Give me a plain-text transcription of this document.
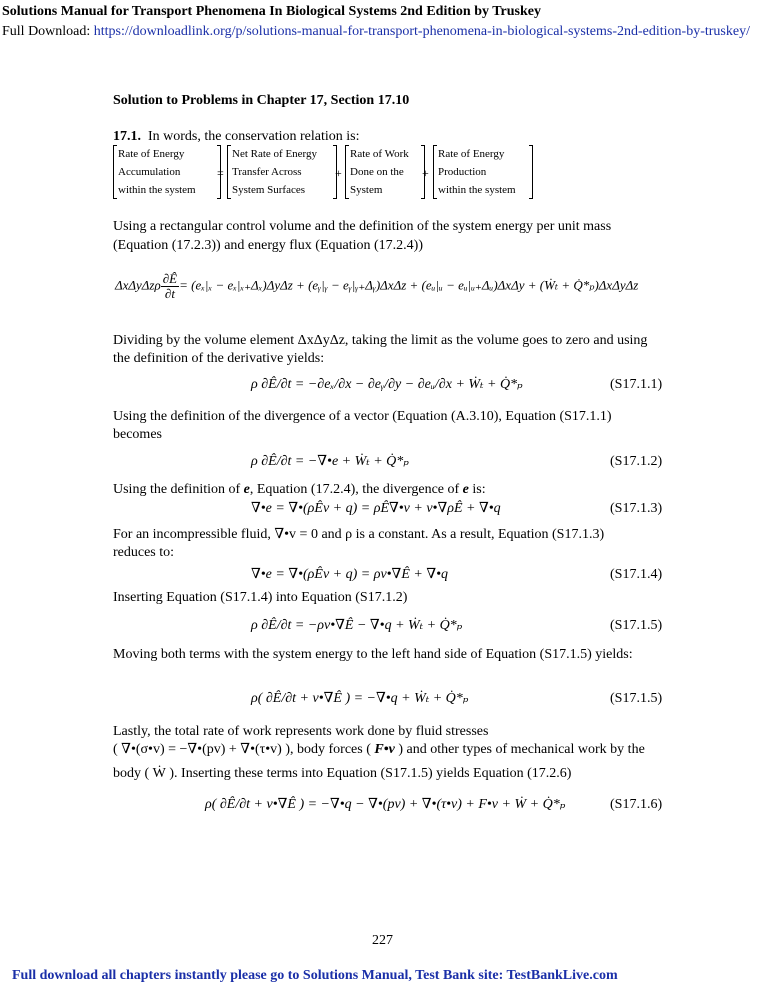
Solutions Manual for Transport Phenomena In Biological Systems 2nd Edition by Truskey
Full Download: https://downloadlink.org/p/solutions-manual-for-transport-phenomena-in-biological-systems-2nd-edition-by-truskey/
Solution to Problems in Chapter 17, Section 17.10
17.1. In words, the conservation relation is:
Rate of Energy
Accumulation
within the system
=
Net Rate of Energy
Transfer Across
System Surfaces
+
Rate of Work
Done on the
System
+
Rate of Energy
Production
within the system
Using a rectangular control volume and the definition of the system energy per unit mass
(Equation (17.2.3)) and energy flux (Equation (17.2.4))
ΔxΔyΔzρ $\frac{\partial Ê}{\partial t} = (e_x|_x - e_x|_{x+}\Delta_x)\Delta y\Delta z$ + (eᵧ|ᵧ − eᵧ|ᵧ₊Δᵧ)ΔxΔz + (eᵤ|ᵤ − eᵤ|ᵤ₊Δᵤ)ΔxΔy + (Ẇₜ + Q̇*ₚ)ΔxΔyΔz
Dividing by the volume element ΔxΔyΔz, taking the limit as the volume goes to zero and using
the definition of the derivative yields:
ρ ∂Ê/∂t = −∂eₓ/∂x − ∂eᵧ/∂y − ∂eᵤ/∂x + Ẇₜ + Q̇*ₚ	(S17.1.1)
Using the definition of the divergence of a vector (Equation (A.3.10), Equation (S17.1.1)
becomes
ρ ∂Ê/∂t = −∇•e + Ẇₜ + Q̇*ₚ	(S17.1.2)
Using the definition of e, Equation (17.2.4), the divergence of e is:
∇•e = ∇•(ρÊv + q) = ρÊ∇•v + v•∇ρÊ + ∇•q	(S17.1.3)
For an incompressible fluid, ∇•v = 0 and ρ is a constant. As a result, Equation (S17.1.3)
reduces to:
∇•e = ∇•(ρÊv + q) = ρv•∇Ê + ∇•q	(S17.1.4)
Inserting Equation (S17.1.4) into Equation (S17.1.2)
ρ ∂Ê/∂t = −ρv•∇Ê − ∇•q + Ẇₜ + Q̇*ₚ	(S17.1.5)
Moving both terms with the system energy to the left hand side of Equation (S17.1.5) yields:
ρ( ∂Ê/∂t + v•∇Ê ) = −∇•q + Ẇₜ + Q̇*ₚ	(S17.1.5)
Lastly, the total rate of work represents work done by fluid stresses
( ∇•(σ•v) = −∇•(pv) + ∇•(τ•v) ), body forces ( F•v ) and other types of mechanical work by the
body ( Ẇ ). Inserting these terms into Equation (S17.1.5) yields Equation (17.2.6)
ρ( ∂Ê/∂t + v•∇Ê ) = −∇•q − ∇•(pv) + ∇•(τ•v) + F•v + Ẇ + Q̇*ₚ	(S17.1.6)
227
Full download all chapters instantly please go to Solutions Manual, Test Bank site: TestBankLive.com
